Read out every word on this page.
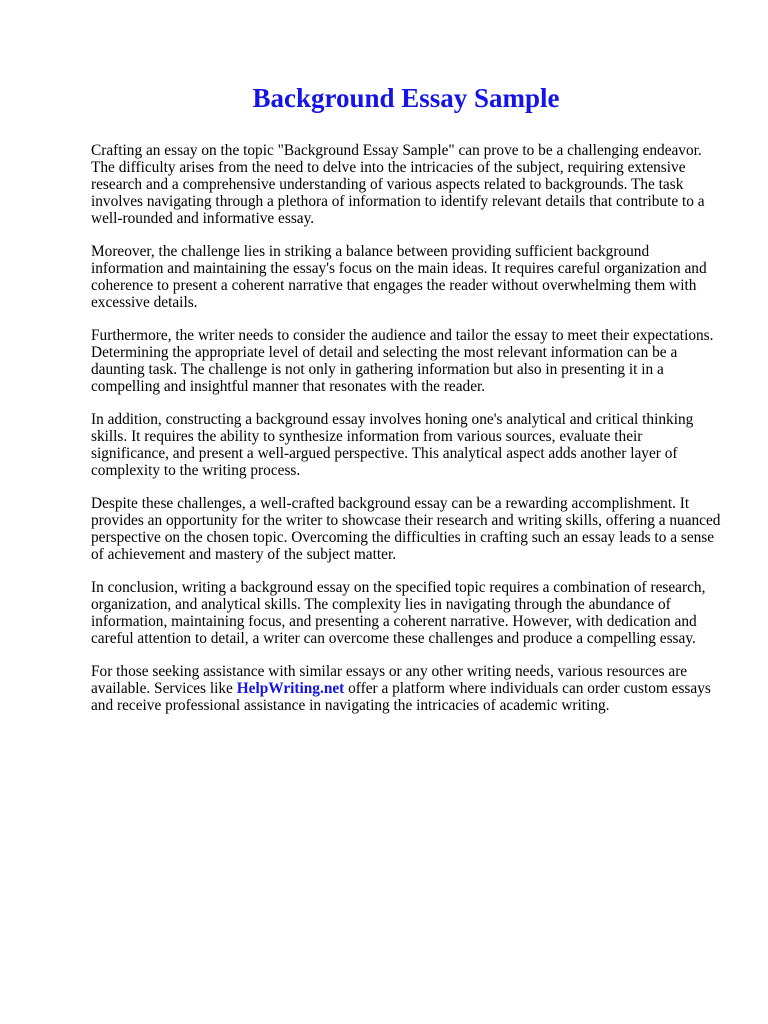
Background Essay Sample

Crafting an essay on the topic "Background Essay Sample" can prove to be a challenging endeavor. The difficulty arises from the need to delve into the intricacies of the subject, requiring extensive research and a comprehensive understanding of various aspects related to backgrounds. The task involves navigating through a plethora of information to identify relevant details that contribute to a well-rounded and informative essay.

Moreover, the challenge lies in striking a balance between providing sufficient background information and maintaining the essay's focus on the main ideas. It requires careful organization and coherence to present a coherent narrative that engages the reader without overwhelming them with excessive details.

Furthermore, the writer needs to consider the audience and tailor the essay to meet their expectations. Determining the appropriate level of detail and selecting the most relevant information can be a daunting task. The challenge is not only in gathering information but also in presenting it in a compelling and insightful manner that resonates with the reader.

In addition, constructing a background essay involves honing one's analytical and critical thinking skills. It requires the ability to synthesize information from various sources, evaluate their significance, and present a well-argued perspective. This analytical aspect adds another layer of complexity to the writing process.

Despite these challenges, a well-crafted background essay can be a rewarding accomplishment. It provides an opportunity for the writer to showcase their research and writing skills, offering a nuanced perspective on the chosen topic. Overcoming the difficulties in crafting such an essay leads to a sense of achievement and mastery of the subject matter.

In conclusion, writing a background essay on the specified topic requires a combination of research, organization, and analytical skills. The complexity lies in navigating through the abundance of information, maintaining focus, and presenting a coherent narrative. However, with dedication and careful attention to detail, a writer can overcome these challenges and produce a compelling essay.

For those seeking assistance with similar essays or any other writing needs, various resources are available. Services like HelpWriting.net offer a platform where individuals can order custom essays and receive professional assistance in navigating the intricacies of academic writing.
